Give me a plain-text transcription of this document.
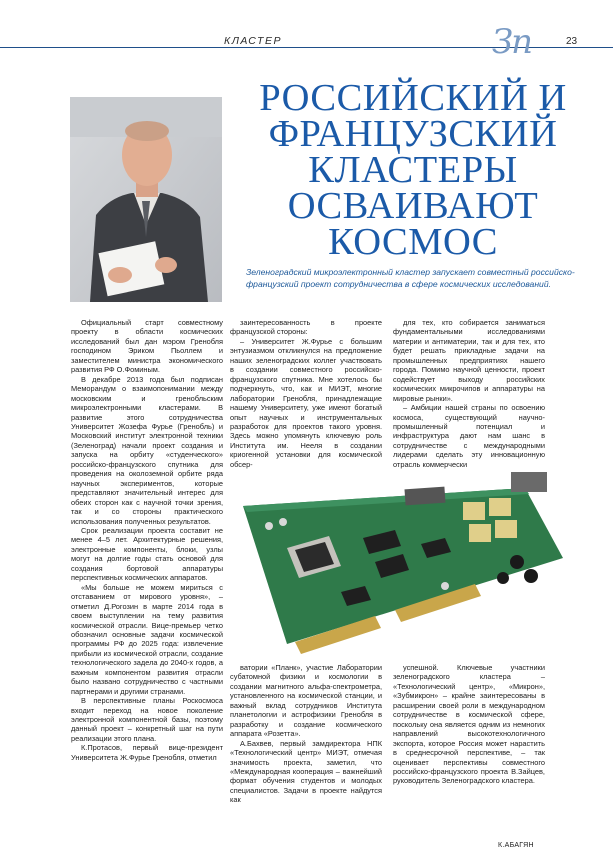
КЛАСТЕР	Зп	23
РОССИЙСКИЙ И
ФРАНЦУЗСКИЙ
КЛАСТЕРЫ
ОСВАИВАЮТ
КОСМОС
Зеленоградский микроэлектронный кластер запускает совместный российско-французский проект сотрудничества в сфере космических исследований.

Официальный старт совместному проекту в области космических исследований был дан мэром Гренобля господином Эриком Пьоллем и заместителем министра экономического развития РФ О.Фоминым.

В декабре 2013 года был подписан Меморандум о взаимопонимании между московским и гренобльским микроэлектронными кластерами. В развитие этого сотрудничества Университет Жозефа Фурье (Гренобль) и Московский институт электронной техники (Зеленоград) начали проект создания и запуска на орбиту «студенческого» российско-французского спутника для проведения на околоземной орбите ряда научных экспериментов, которые представляют значительный интерес для обеих сторон как с научной точки зрения, так и со стороны практического использования полученных результатов.

Срок реализации проекта составит не менее 4–5 лет. Архитектурные решения, электронные компоненты, блоки, узлы могут на долгие годы стать основой для создания бортовой аппаратуры перспективных космических аппаратов.

«Мы больше не можем мириться с отставанием от мирового уровня», – отметил Д.Рогозин в марте 2014 года в своем выступлении на тему развития космической отрасли. Вице-премьер четко обозначил основные задачи космической программы РФ до 2025 года: извлечение прибыли из космической отрасли, создание технологического задела до 2040-х годов, а важным компонентом развития отрасли было названо сотрудничество с частными партнерами и другими странами.

В перспективные планы Роскосмоса входит переход на новое поколение электронной компонентной базы, поэтому данный проект – конкретный шаг на пути реализации этого плана.

К.Протасов, первый вице-президент Университета Ж.Фурье Гренобля, отметил

заинтересованность в проекте французской стороны:

– Университет Ж.Фурье с большим энтузиазмом откликнулся на предложение наших зеленоградских коллег участвовать в создании совместного российско-французского спутника. Мне хотелось бы подчеркнуть, что, как и МИЭТ, многие лаборатории Гренобля, принадлежащие нашему Университету, уже имеют богатый опыт научных и инструментальных разработок для проектов такого уровня. Здесь можно упомянуть ключевую роль Института им. Нееля в создании криогенной установки для космической обсер-

для тех, кто собирается заниматься фундаментальными исследованиями материи и антиматерии, так и для тех, кто будет решать прикладные задачи на промышленных предприятиях нашего города. Помимо научной ценности, проект содействует выходу российских космических микрочипов и аппаратуры на мировые рынки».

– Амбиции нашей страны по освоению космоса, существующий научно-промышленный потенциал и инфраструктура дают нам шанс в сотрудничестве с международными лидерами сделать эту инновационную отрасль коммерчески

ватории «Планк», участие Лаборатории субатомной физики и космологии в создании магнитного альфа-спектрометра, установленного на космической станции, и важный вклад сотрудников Института планетологии и астрофизики Гренобля в разработку и создание космического аппарата «Розетта».

А.Бахвев, первый замдиректора НПК «Технологический центр» МИЭТ, отмечая значимость проекта, заметил, что «Международная кооперация – важнейший формат обучения студентов и молодых специалистов. Задачи в проекте найдутся как

успешной. Ключевые участники зеленоградского кластера – «Технологический центр», «Микрон», «Зубмикрон» – крайне заинтересованы в расширении своей роли в международном сотрудничестве в космической сфере, поскольку она является одним из немногих направлений высокотехнологичного экспорта, которое Россия может нарастить в среднесрочной перспективе, – так оценивает перспективы совместного российско-французского проекта В.Зайцев, руководитель Зеленоградского кластера.

К.АБАГЯН
